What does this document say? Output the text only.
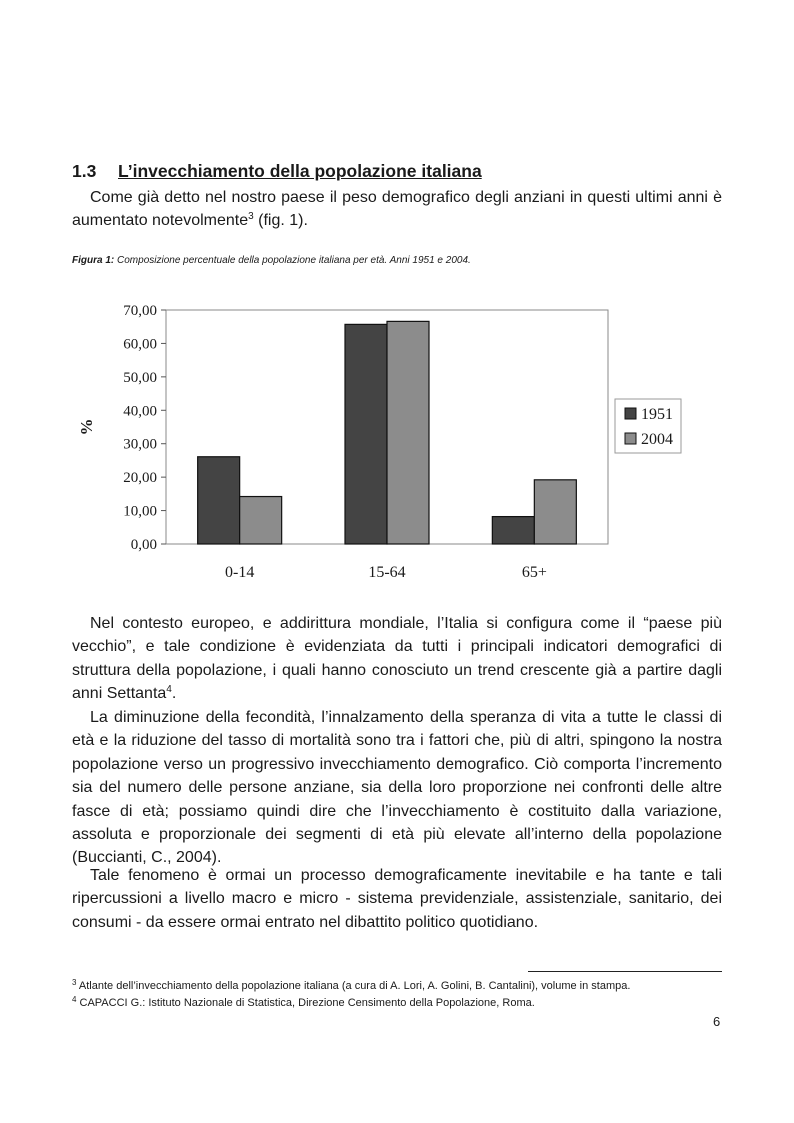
1.3 L’invecchiamento della popolazione italiana

Come già detto nel nostro paese il peso demografico degli anziani in questi ultimi anni è aumentato notevolmente$^3$ (fig. 1).

Figura 1: Composizione percentuale della popolazione italiana per età. Anni 1951 e 2004.
0,00
10,00
20,00
30,00
40,00
50,00
60,00
70,00
0-14	15-64	65+
1951
2004
%

Nel contesto europeo, e addirittura mondiale, l’Italia si configura come il “paese più vecchio”, e tale condizione è evidenziata da tutti i principali indicatori demografici di struttura della popolazione, i quali hanno conosciuto un trend crescente già a partire dagli anni Settanta$^4$.

La diminuzione della fecondità, l’innalzamento della speranza di vita a tutte le classi di età e la riduzione del tasso di mortalità sono tra i fattori che, più di altri, spingono la nostra popolazione verso un progressivo invecchiamento demografico. Ciò comporta l’incremento sia del numero delle persone anziane, sia della loro proporzione nei confronti delle altre fasce di età; possiamo quindi dire che l’invecchiamento è costituito dalla variazione, assoluta e proporzionale dei segmenti di età più elevate all’interno della popolazione (Buccianti, C., 2004).

Tale fenomeno è ormai un processo demograficamente inevitabile e ha tante e tali ripercussioni a livello macro e micro - sistema previdenziale, assistenziale, sanitario, dei consumi - da essere ormai entrato nel dibattito politico quotidiano.

$^3$ Atlante dell’invecchiamento della popolazione italiana (a cura di A. Lori, A. Golini, B. Cantalini), volume in stampa.
$^4$ CAPACCI G.: Istituto Nazionale di Statistica, Direzione Censimento della Popolazione, Roma.
6
